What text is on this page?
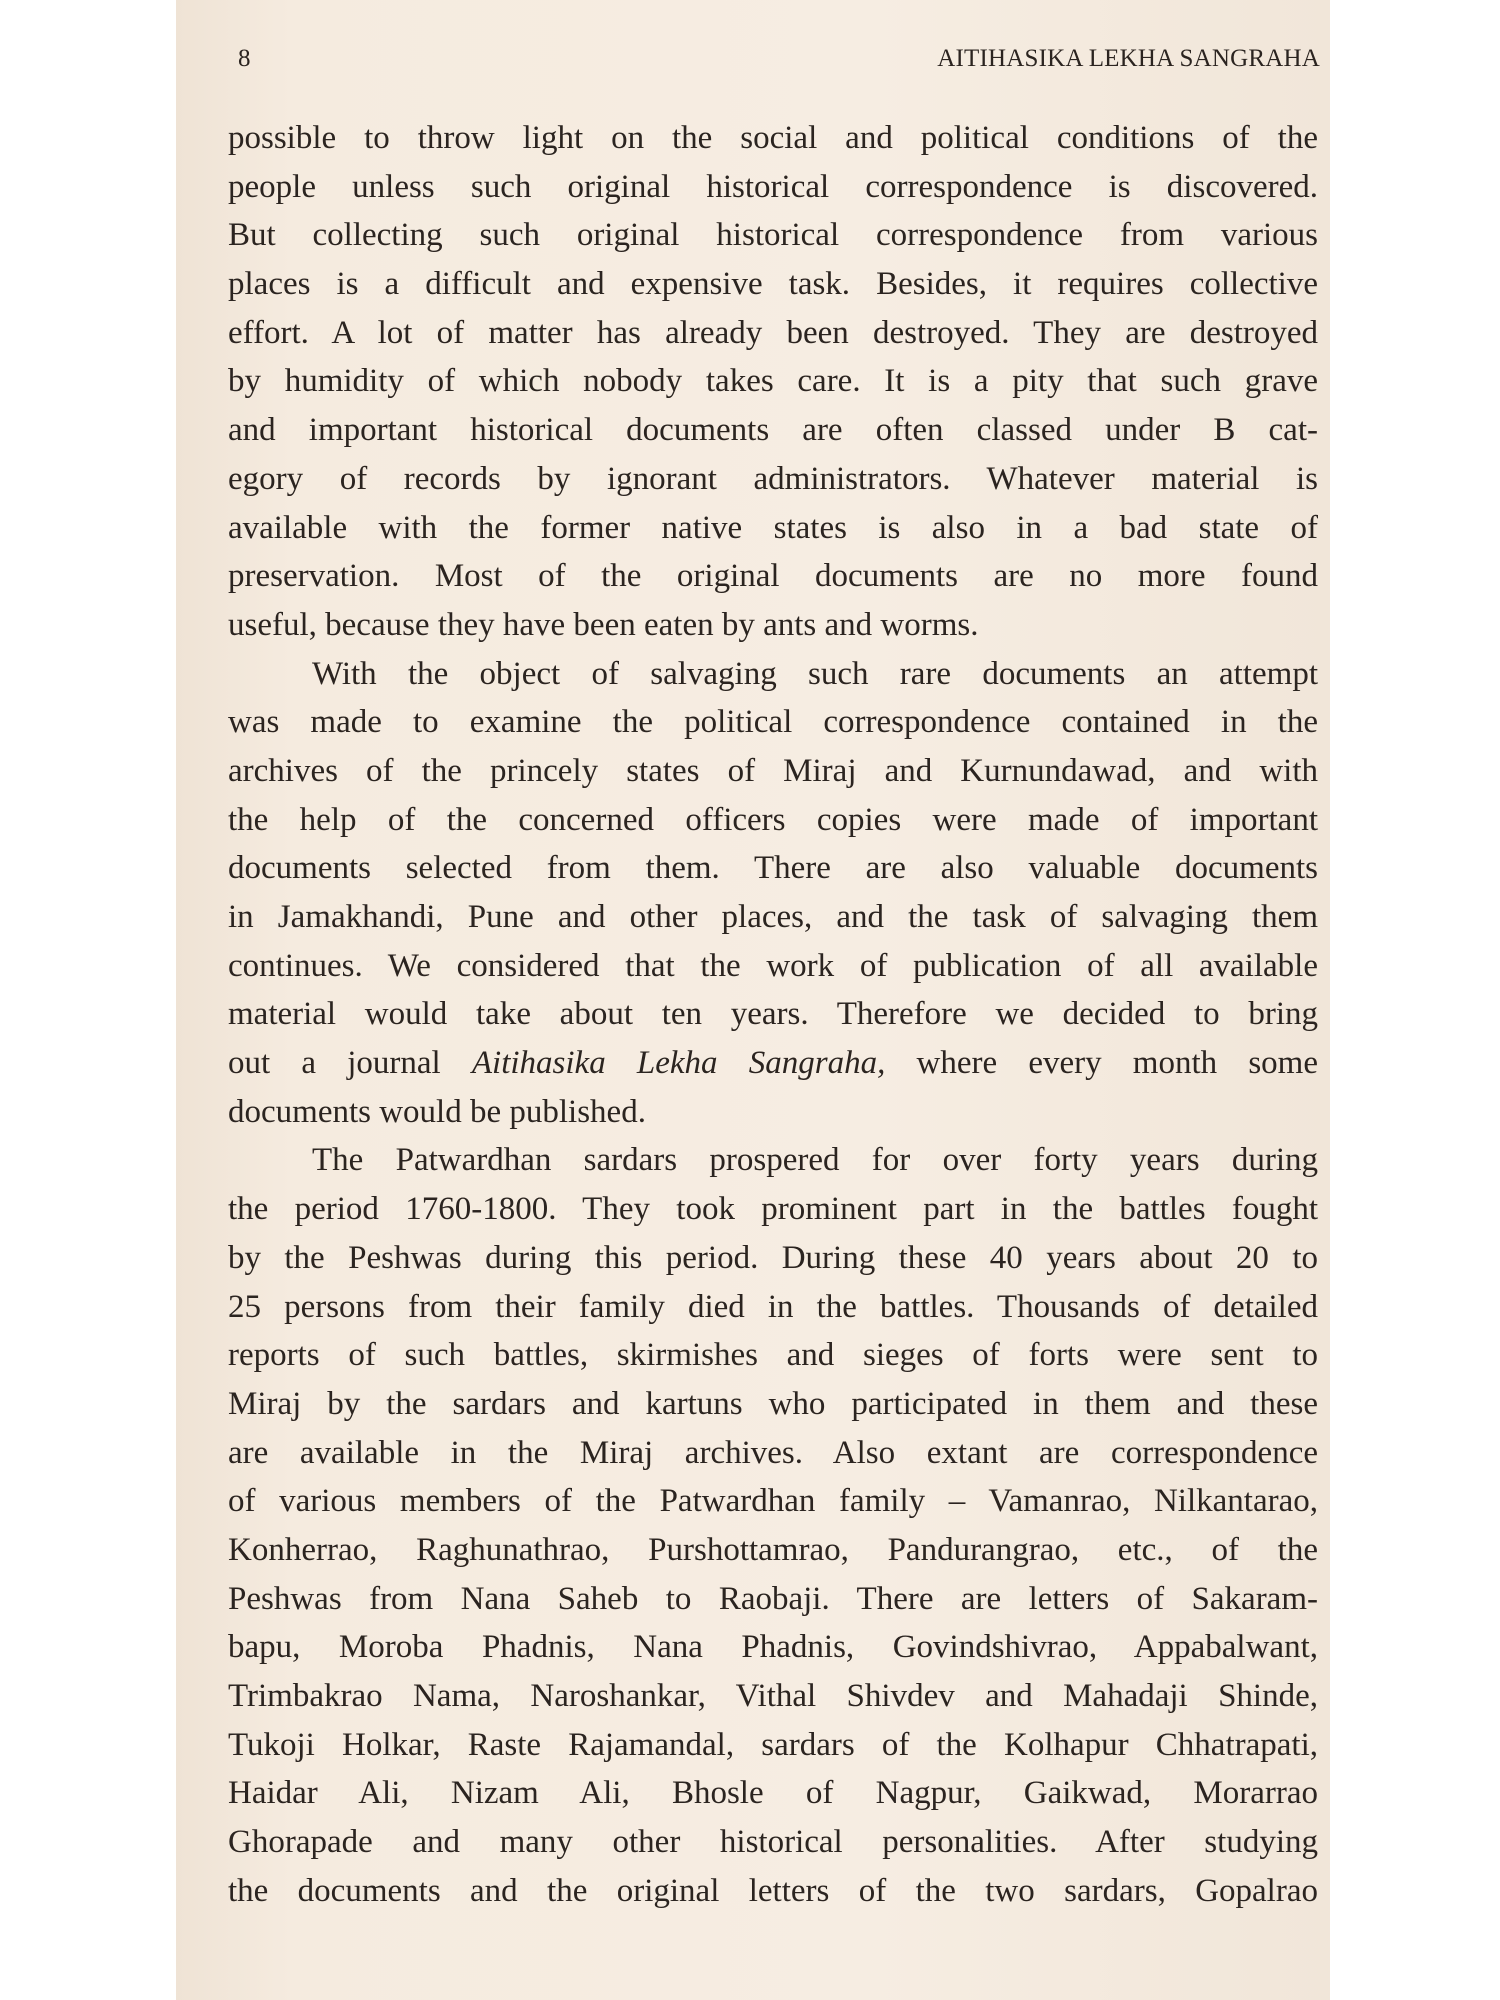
8	AITIHASIKA LEKHA SANGRAHA
possible to throw light on the social and political conditions of the
people unless such original historical correspondence is discovered.
But collecting such original historical correspondence from various
places is a difficult and expensive task. Besides, it requires collective
effort. A lot of matter has already been destroyed. They are destroyed
by humidity of which nobody takes care. It is a pity that such grave
and important historical documents are often classed under B cat-
egory of records by ignorant administrators. Whatever material is
available with the former native states is also in a bad state of
preservation. Most of the original documents are no more found
useful, because they have been eaten by ants and worms.
With the object of salvaging such rare documents an attempt
was made to examine the political correspondence contained in the
archives of the princely states of Miraj and Kurnundawad, and with
the help of the concerned officers copies were made of important
documents selected from them. There are also valuable documents
in Jamakhandi, Pune and other places, and the task of salvaging them
continues. We considered that the work of publication of all available
material would take about ten years. Therefore we decided to bring
out a journal Aitihasika Lekha Sangraha, where every month some
documents would be published.
The Patwardhan sardars prospered for over forty years during
the period 1760-1800. They took prominent part in the battles fought
by the Peshwas during this period. During these 40 years about 20 to
25 persons from their family died in the battles. Thousands of detailed
reports of such battles, skirmishes and sieges of forts were sent to
Miraj by the sardars and kartuns who participated in them and these
are available in the Miraj archives. Also extant are correspondence
of various members of the Patwardhan family – Vamanrao, Nilkantarao,
Konherrao, Raghunathrao, Purshottamrao, Pandurangrao, etc., of the
Peshwas from Nana Saheb to Raobaji. There are letters of Sakaram-
bapu, Moroba Phadnis, Nana Phadnis, Govindshivrao, Appabalwant,
Trimbakrao Nama, Naroshankar, Vithal Shivdev and Mahadaji Shinde,
Tukoji Holkar, Raste Rajamandal, sardars of the Kolhapur Chhatrapati,
Haidar Ali, Nizam Ali, Bhosle of Nagpur, Gaikwad, Morarrao
Ghorapade and many other historical personalities. After studying
the documents and the original letters of the two sardars, Gopalrao
